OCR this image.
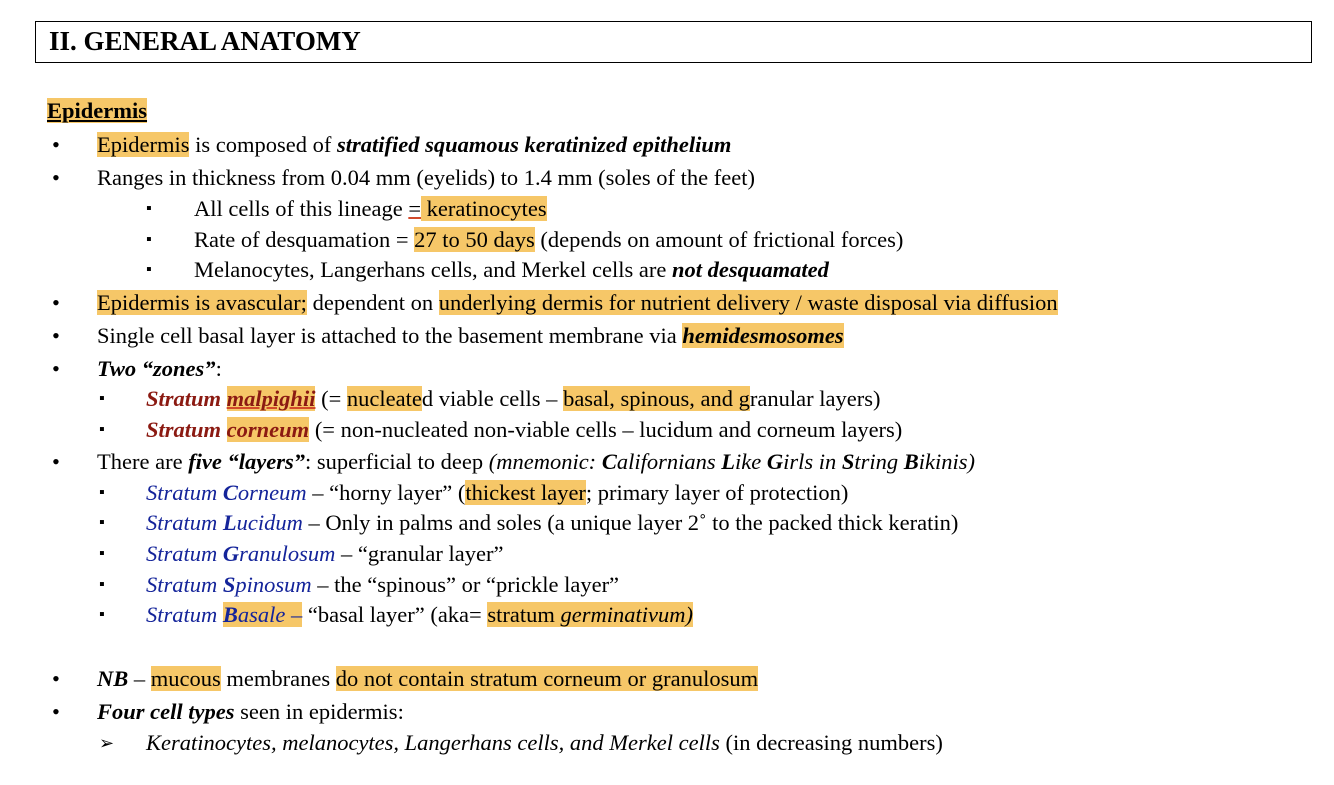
II. GENERAL ANATOMY
Epidermis
• Epidermis is composed of stratified squamous keratinized epithelium
• Ranges in thickness from 0.04 mm (eyelids) to 1.4 mm (soles of the feet)
▪ All cells of this lineage = keratinocytes
▪ Rate of desquamation = 27 to 50 days (depends on amount of frictional forces)
▪ Melanocytes, Langerhans cells, and Merkel cells are not desquamated
• Epidermis is avascular; dependent on underlying dermis for nutrient delivery / waste disposal via diffusion
• Single cell basal layer is attached to the basement membrane via hemidesmosomes
• Two “zones”:
▪ Stratum malpighii (= nucleated viable cells – basal, spinous, and granular layers)
▪ Stratum corneum (= non-nucleated non-viable cells – lucidum and corneum layers)
• There are five “layers”: superficial to deep (mnemonic: Californians Like Girls in String Bikinis)
▪ Stratum Corneum – “horny layer” (thickest layer; primary layer of protection)
▪ Stratum Lucidum – Only in palms and soles (a unique layer 2˚ to the packed thick keratin)
▪ Stratum Granulosum – “granular layer”
▪ Stratum Spinosum – the “spinous” or “prickle layer”
▪ Stratum Basale – “basal layer” (aka= stratum germinativum)
• NB – mucous membranes do not contain stratum corneum or granulosum
• Four cell types seen in epidermis:
➢ Keratinocytes, melanocytes, Langerhans cells, and Merkel cells (in decreasing numbers)
